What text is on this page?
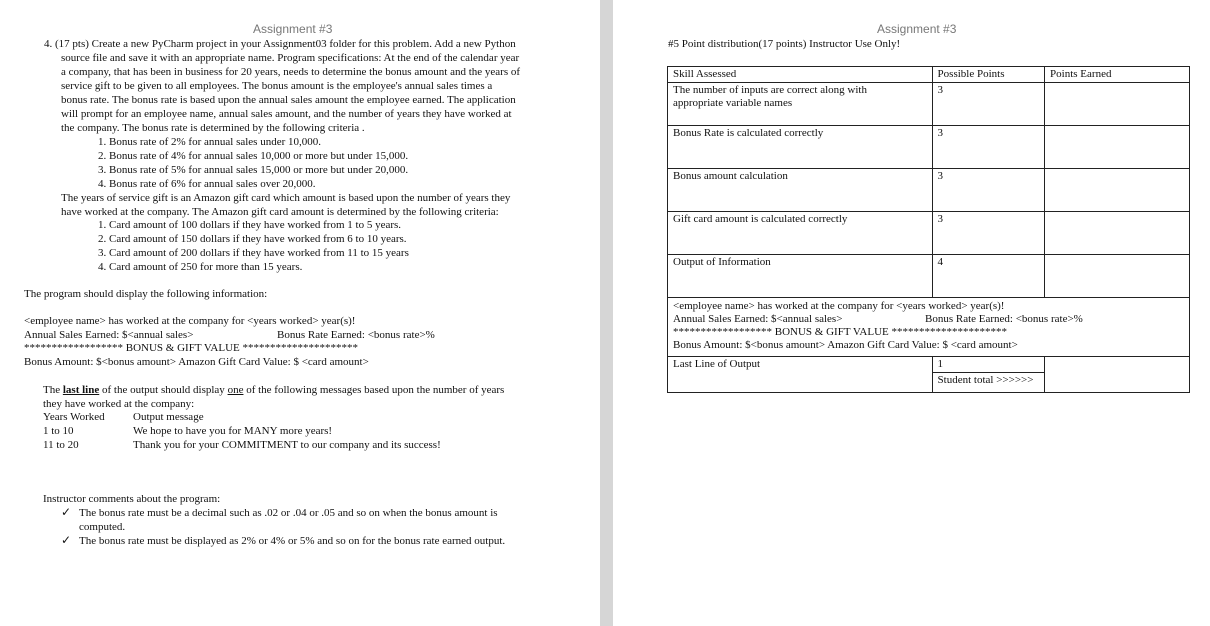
Assignment #3
4. (17 pts) Create a new PyCharm project in your Assignment03 folder for this problem. Add a new Python
source file and save it with an appropriate name. Program specifications: At the end of the calendar year
a company, that has been in business for 20 years, needs to determine the bonus amount and the years of
service gift to be given to all employees. The bonus amount is the employee's annual sales times a
bonus rate. The bonus rate is based upon the annual sales amount the employee earned. The application
will prompt for an employee name, annual sales amount, and the number of years they have worked at
the company. The bonus rate is determined by the following criteria .
1. Bonus rate of 2% for annual sales under 10,000.
2. Bonus rate of 4% for annual sales 10,000 or more but under 15,000.
3. Bonus rate of 5% for annual sales 15,000 or more but under 20,000.
4. Bonus rate of 6% for annual sales over 20,000.
The years of service gift is an Amazon gift card which amount is based upon the number of years they
have worked at the company. The Amazon gift card amount is determined by the following criteria:
1. Card amount of 100 dollars if they have worked from 1 to 5 years.
2. Card amount of 150 dollars if they have worked from 6 to 10 years.
3. Card amount of 200 dollars if they have worked from 11 to 15 years
4. Card amount of 250 for more than 15 years.
The program should display the following information:
<employee name> has worked at the company for <years worked> year(s)!
Annual Sales Earned: $<annual sales>	Bonus Rate Earned: <bonus rate>%
****************** BONUS & GIFT VALUE *********************
Bonus Amount: $<bonus amount> Amazon Gift Card Value: $ <card amount>
The last line of the output should display one of the following messages based upon the number of years
they have worked at the company:
Years Worked	Output message
1 to 10	We hope to have you for MANY more years!
11 to 20	Thank you for your COMMITMENT to our company and its success!
Instructor comments about the program:
✓ The bonus rate must be a decimal such as .02 or .04 or .05 and so on when the bonus amount is
computed.
✓ The bonus rate must be displayed as 2% or 4% or 5% and so on for the bonus rate earned output.
Assignment #3
#5 Point distribution(17 points) Instructor Use Only!
Skill Assessed	Possible Points	Points Earned
The number of inputs are correct along with
appropriate variable names	3	
Bonus Rate is calculated correctly	3	
Bonus amount calculation	3	
Gift card amount is calculated correctly	3	
Output of Information	4	

<employee name> has worked at the company for <years worked> year(s)!
Annual Sales Earned: $<annual sales> Bonus Rate Earned: <bonus rate>%
****************** BONUS & GIFT VALUE *********************
Bonus Amount: $<bonus amount> Amazon Gift Card Value: $ <card amount>		

Last Line of Output	1	
	Student total >>>>>>	
